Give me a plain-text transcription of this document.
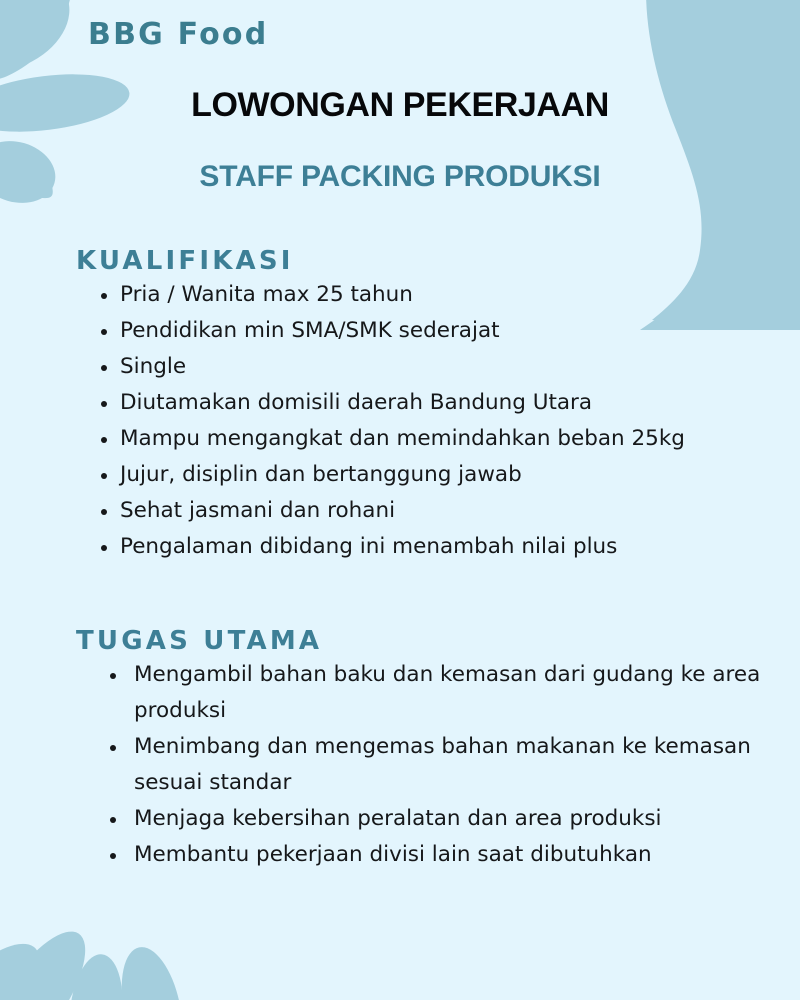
BBG Food
LOWONGAN PEKERJAAN
STAFF PACKING PRODUKSI
KUALIFIKASI
Pria / Wanita max 25 tahun
Pendidikan min SMA/SMK sederajat
Single
Diutamakan domisili daerah Bandung Utara
Mampu mengangkat dan memindahkan beban 25kg
Jujur, disiplin dan bertanggung jawab
Sehat jasmani dan rohani
Pengalaman dibidang ini menambah nilai plus
TUGAS UTAMA
Mengambil bahan baku dan kemasan dari gudang ke area produksi
Menimbang dan mengemas bahan makanan ke kemasan sesuai standar
Menjaga kebersihan peralatan dan area produksi
Membantu pekerjaan divisi lain saat dibutuhkan
